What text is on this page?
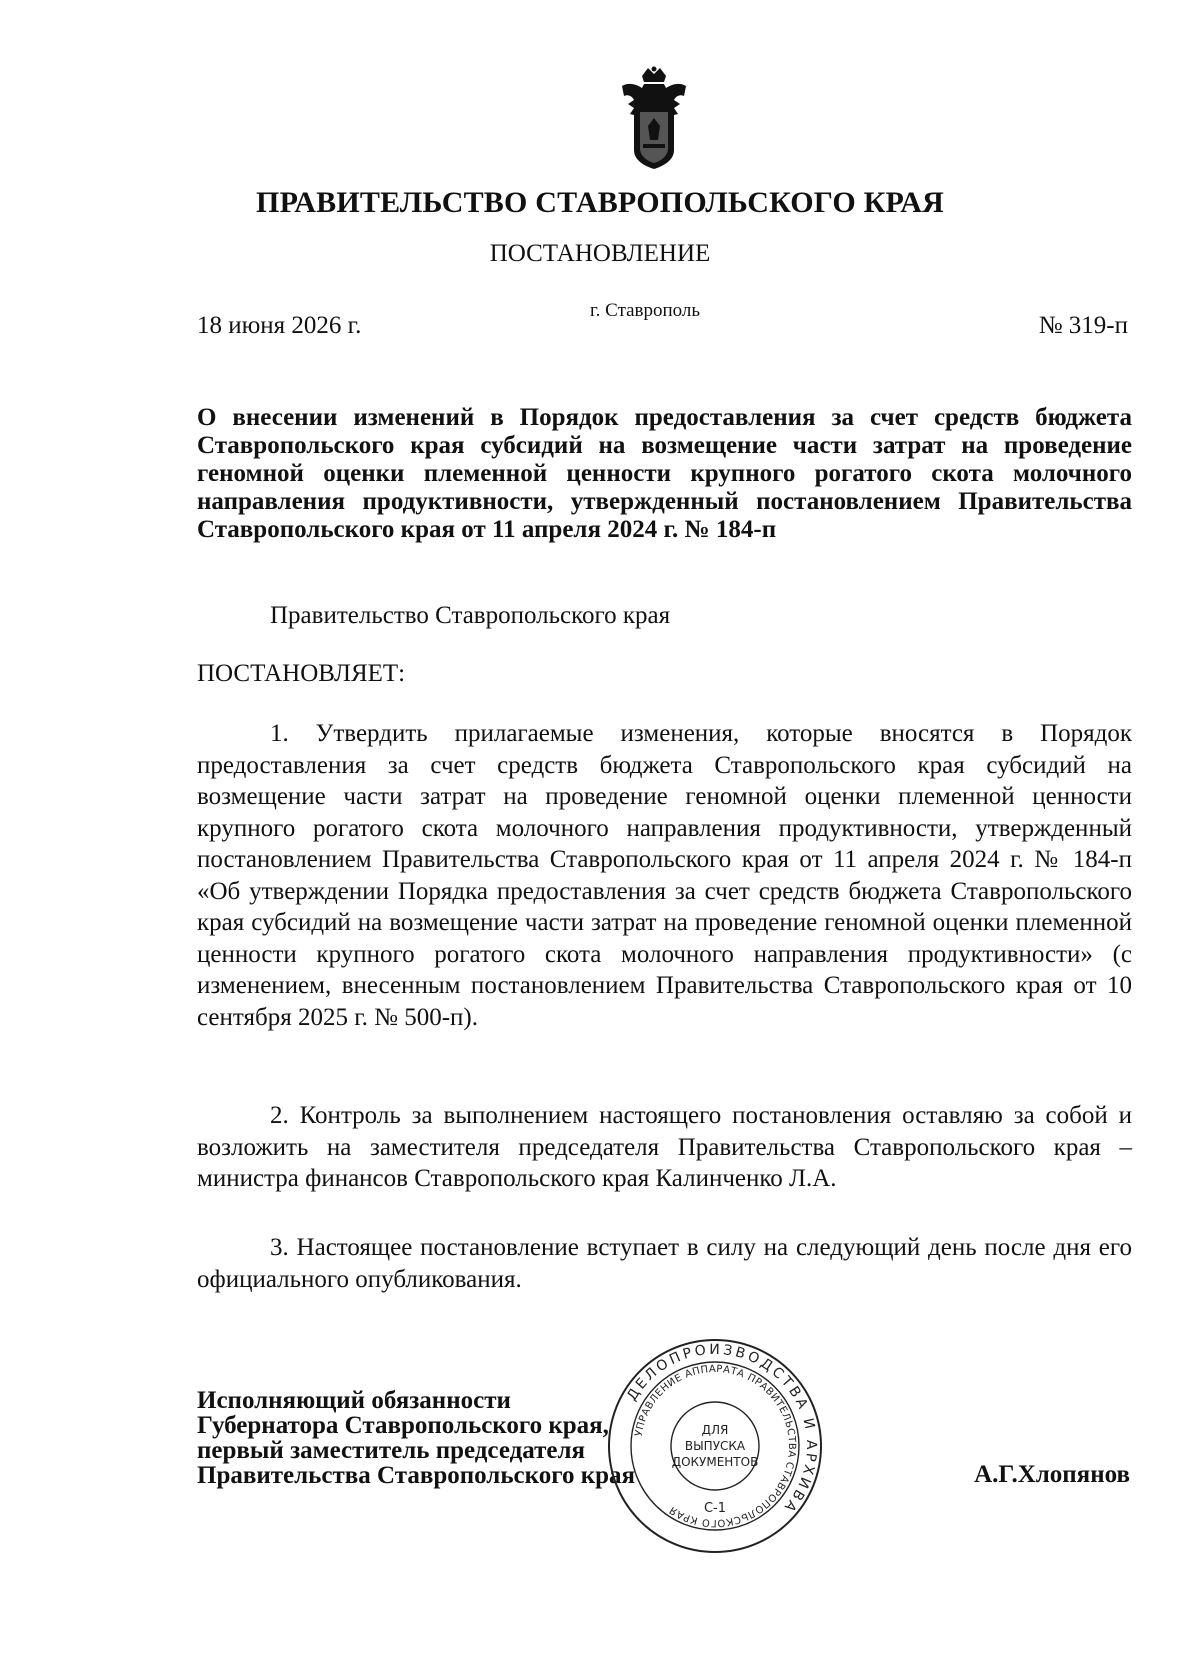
ПРАВИТЕЛЬСТВО СТАВРОПОЛЬСКОГО КРАЯ
ПОСТАНОВЛЕНИЕ
18 июня 2026 г.
г. Ставрополь
№ 319-п
О внесении изменений в Порядок предоставления за счет средств бюджета Ставропольского края субсидий на возмещение части затрат на проведение геномной оценки племенной ценности крупного рогатого скота молочного направления продуктивности, утвержденный постановлением Правительства Ставропольского края от 11 апреля 2024 г. № 184-п
Правительство Ставропольского края
ПОСТАНОВЛЯЕТ:

1. Утвердить прилагаемые изменения, которые вносятся в Порядок предоставления за счет средств бюджета Ставропольского края субсидий на возмещение части затрат на проведение геномной оценки племенной ценности крупного рогатого скота молочного направления продуктивности, утвержденный постановлением Правительства Ставропольского края от 11 апреля 2024 г. № 184-п «Об утверждении Порядка предоставления за счет средств бюджета Ставропольского края субсидий на возмещение части затрат на проведение геномной оценки племенной ценности крупного рогатого скота молочного направления продуктивности» (с изменением, внесенным постановлением Правительства Ставропольского края от 10 сентября 2025 г. № 500-п).

2. Контроль за выполнением настоящего постановления оставляю за собой и возложить на заместителя председателя Правительства Ставропольского края – министра финансов Ставропольского края Калинченко Л.А.

3. Настоящее постановление вступает в силу на следующий день после дня его официального опубликования.

Исполняющий обязанности
Губернатора Ставропольского края,
первый заместитель председателя
Правительства Ставропольского края	А.Г.Хлопянов
ДЕЛОПРОИЗВОДСТВА И АРХИВА
УПРАВЛЕНИЕ АППАРАТА ПРАВИТЕЛЬСТВА СТАВРОПОЛЬСКОГО КРАЯ
ДЛЯ
ВЫПУСКА
ДОКУМЕНТОВ
С-1
